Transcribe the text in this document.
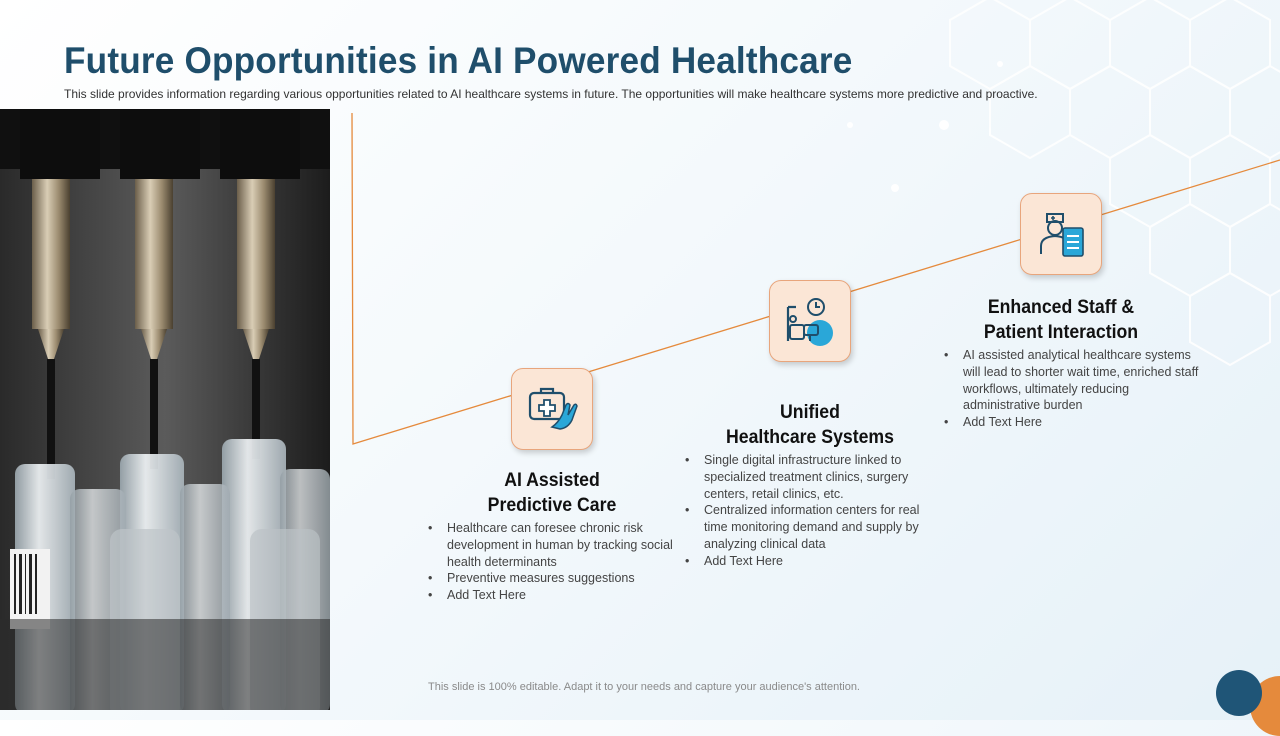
Future Opportunities in AI Powered Healthcare
This slide provides information regarding various opportunities related to AI healthcare systems in future. The opportunities will make healthcare systems more predictive and proactive.
AI Assisted
Predictive Care
• Healthcare can foresee chronic risk development in human by tracking social health determinants
• Preventive measures suggestions
• Add Text Here
Unified
Healthcare Systems
• Single digital infrastructure linked to specialized treatment clinics, surgery centers, retail clinics, etc.
• Centralized information centers for real time monitoring demand and supply by analyzing clinical data
• Add Text Here
Enhanced Staff &
Patient Interaction
• AI assisted analytical healthcare systems will lead to shorter wait time, enriched staff workflows, ultimately reducing administrative burden
• Add Text Here
This slide is 100% editable. Adapt it to your needs and capture your audience's attention.
